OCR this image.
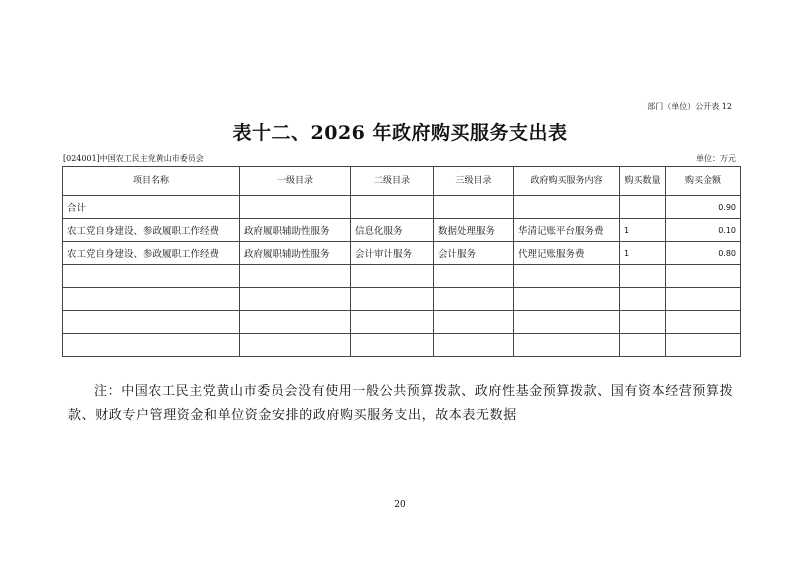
部门（单位）公开表 12
表十二、2026 年政府购买服务支出表
[024001]中国农工民主党黄山市委员会	单位：万元
项目名称	一级目录	二级目录	三级目录	政府购买服务内容	购买数量	购买金额
合计						0.90
农工党自身建设、参政履职工作经费	政府履职辅助性服务	信息化服务	数据处理服务	华清记账平台服务费	1	0.10
农工党自身建设、参政履职工作经费	政府履职辅助性服务	会计审计服务	会计服务	代理记账服务费	1	0.80

注：中国农工民主党黄山市委员会没有使用一般公共预算拨款、政府性基金预算拨款、国有资本经营预算拨款、财政专户管理资金和单位资金安排的政府购买服务支出，故本表无数据
20
